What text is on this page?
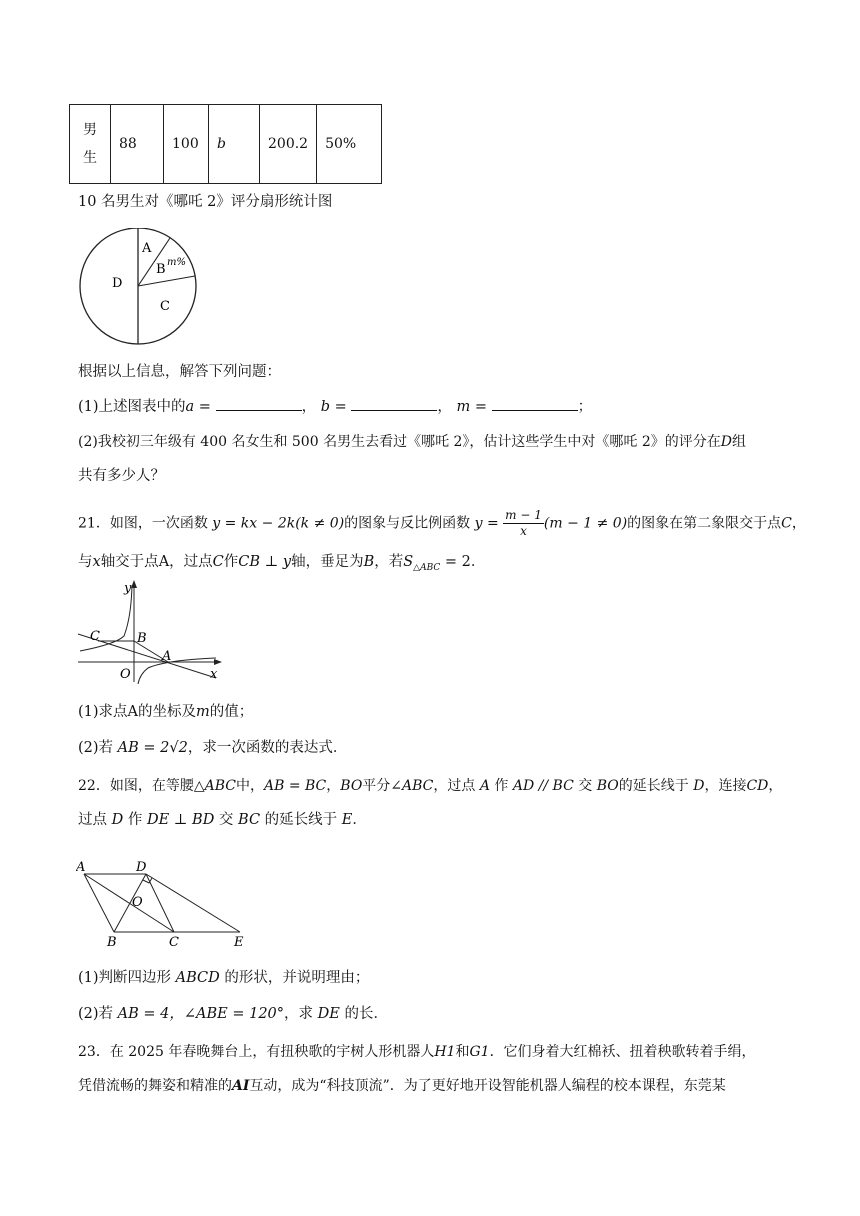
男
生	88	100	b	200.2	50%
10 名男生对《哪吒 2》评分扇形统计图
A
B m%
C
D
根据以上信息，解答下列问题：
(1)上述图表中的a =	， b =	， m =	；
(2)我校初三年级有 400 名女生和 500 名男生去看过《哪吒 2》，估计这些学生中对《哪吒 2》的评分在D组
共有多少人？
21．如图，一次函数 y = kx − 2k(k ≠ 0)的图象与反比例函数 $y = \frac{m - 1}{x} (m - 1 \ne 0)$的图象在第二象限交于点C，
与x轴交于点A，过点C作CB ⊥ y轴，垂足为B，若$S_{\triangle ABC} = 2$．
y
x
C	B
A
O
(1)求点A的坐标及m的值；
(2)若 AB = 2√2，求一次函数的表达式．
22．如图，在等腰△ABC中，AB = BC，BO平分∠ABC，过点 A 作 AD // BC 交 BO的延长线于 D，连接CD，
过点 D 作 DE ⊥ BD 交 BC 的延长线于 E．
A	D
O
B	C	E
(1)判断四边形 ABCD 的形状，并说明理由；
(2)若 AB = 4，∠ABE = 120°，求 DE 的长．
23．在 2025 年春晚舞台上，有扭秧歌的宇树人形机器人H1和G1．它们身着大红棉袄、扭着秧歌转着手绢，
凭借流畅的舞姿和精准的AI互动，成为“科技顶流”．为了更好地开设智能机器人编程的校本课程，东莞某
